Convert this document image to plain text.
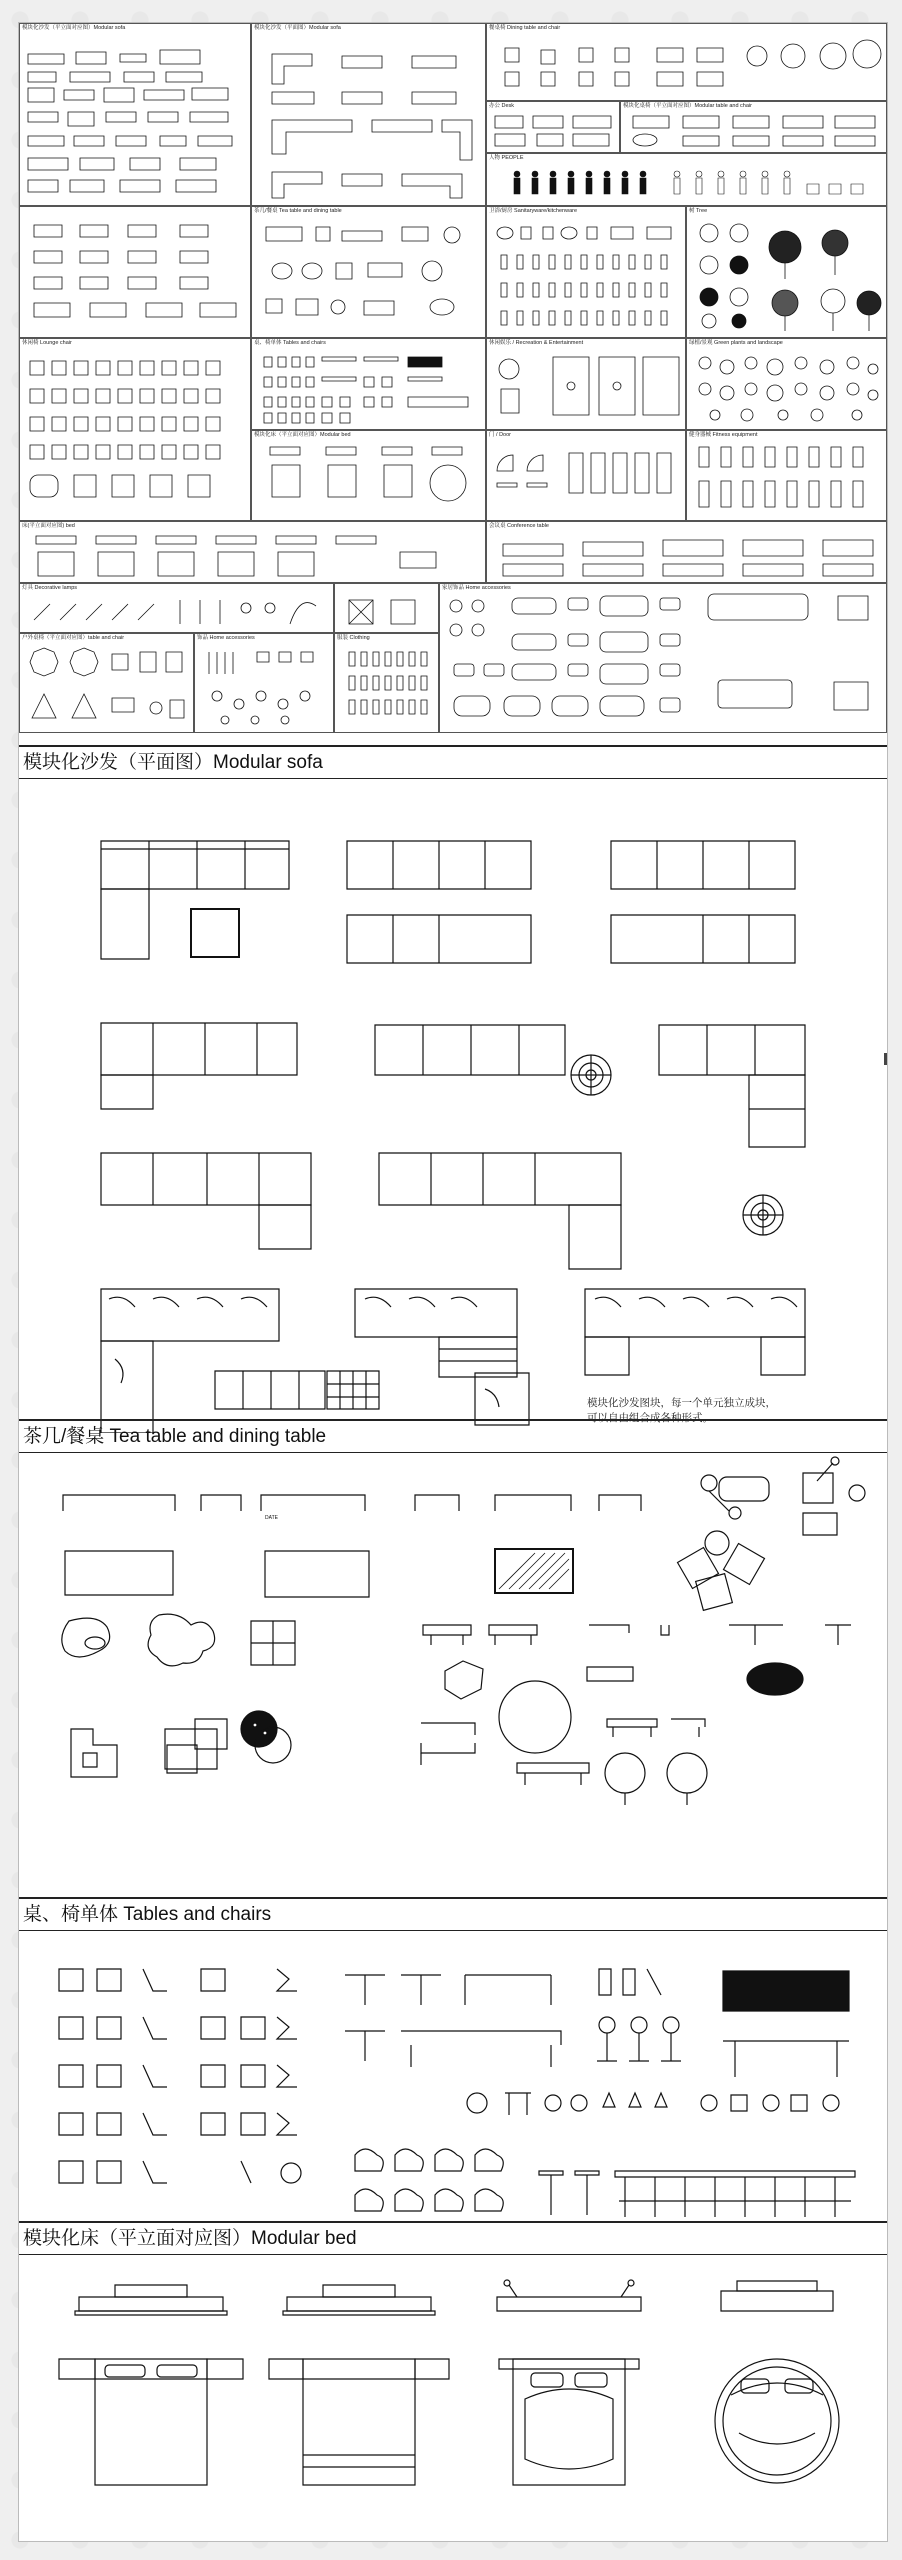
模块化沙发（平立面对应图）Modular sofa	模块化沙发（平面图）Modular sofa	餐桌椅 Dining table and chair
办公 Desk	模块化桌椅（平立面对应图）Modular table and chair
人物 PEOPLE
茶几/餐桌 Tea table and dining table	卫浴/厨房 Sanitaryware/kitchenware	树 Tree
休闲椅 Lounge chair	桌、椅单体 Tables and chairs
模块化床（平立面对应图）Modular bed
休闲娱乐 / Recreation & Entertainment	绿植/景观 Green plants and landscape
门 / Door	健身器械 Fitness equipment
床(平立面对应图) bed	会议桌 Conference table
灯具 Decorative lamps	家居饰品 Home accessories
户外桌椅（平立面对应图）table and chair	饰品 Home accessories	服装 Clothing
模块化沙发（平面图）Modular sofa
模块化沙发图块，每一个单元独立成块，
可以自由组合成各种形式。
茶几/餐桌 Tea table and dining table
DATE
桌、椅单体 Tables and chairs
模块化床（平立面对应图）Modular bed
